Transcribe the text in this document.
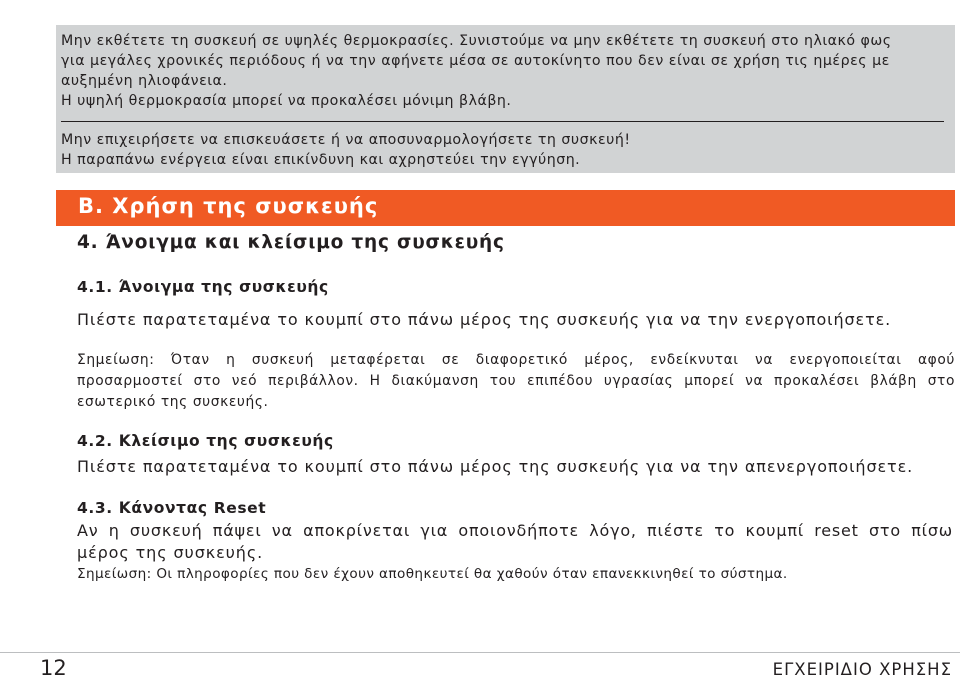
Μην εκθέτετε τη συσκευή σε υψηλές θερμοκρασίες. Συνιστούμε να μην εκθέτετε τη συσκευή στο ηλιακό φως
για μεγάλες χρονικές περιόδους ή να την αφήνετε μέσα σε αυτοκίνητο που δεν είναι σε χρήση τις ημέρες με
αυξημένη ηλιοφάνεια.
Η υψηλή θερμοκρασία μπορεί να προκαλέσει μόνιμη βλάβη.
Μην επιχειρήσετε να επισκευάσετε ή να αποσυναρμολογήσετε τη συσκευή!
Η παραπάνω ενέργεια είναι επικίνδυνη και αχρηστεύει την εγγύηση.
B. Χρήση της συσκευής
4. Άνοιγμα και κλείσιμο της συσκευής
4.1. Άνοιγμα της συσκευής
Πιέστε παρατεταμένα το κουμπί στο πάνω μέρος της συσκευής για να την ενεργοποιήσετε.
Σημείωση: Όταν η συσκευή μεταφέρεται σε διαφορετικό μέρος, ενδείκνυται να ενεργοποιείται αφού
προσαρμοστεί στο νεό περιβάλλον. Η διακύμανση του επιπέδου υγρασίας μπορεί να προκαλέσει βλάβη στο
εσωτερικό της συσκευής.
4.2. Κλείσιμο της συσκευής
Πιέστε παρατεταμένα το κουμπί στο πάνω μέρος της συσκευής για να την απενεργοποιήσετε.
4.3. Κάνοντας Reset
Αν η συσκευή πάψει να αποκρίνεται για οποιονδήποτε λόγο, πιέστε το κουμπί reset στο πίσω
μέρος της συσκευής.
Σημείωση: Οι πληροφορίες που δεν έχουν αποθηκευτεί θα χαθούν όταν επανεκκινηθεί το σύστημα.
12	ΕΓΧΕΙΡΙΔΙΟ ΧΡΗΣΗΣ
